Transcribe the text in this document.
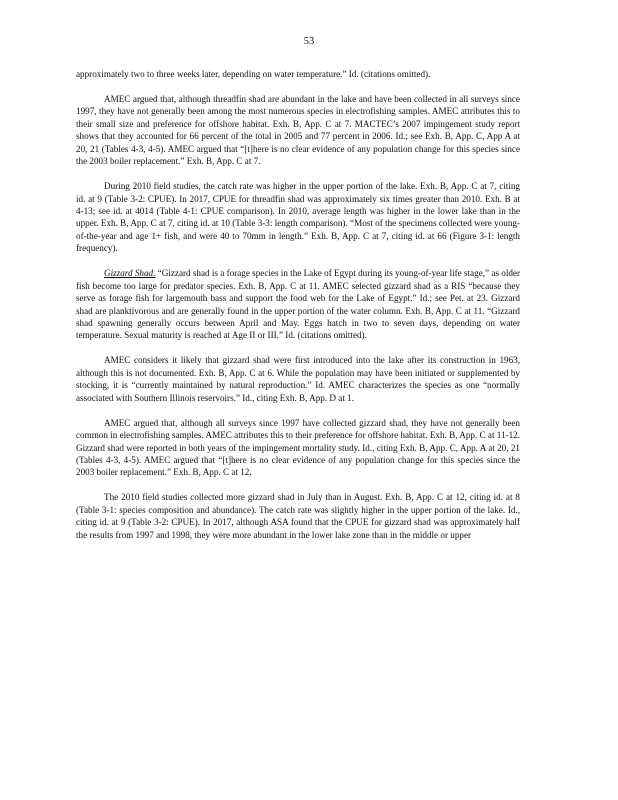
53

approximately two to three weeks later, depending on water temperature.” Id. (citations omitted).

AMEC argued that, although threadfin shad are abundant in the lake and have been collected in all surveys since 1997, they have not generally been among the most numerous species in electrofishing samples. AMEC attributes this to their small size and preference for offshore habitat. Exh. B, App. C at 7. MACTEC’s 2007 impingement study report shows that they accounted for 66 percent of the total in 2005 and 77 percent in 2006. Id.; see Exh. B, App. C, App A at 20, 21 (Tables 4-3, 4-5). AMEC argued that “[t]here is no clear evidence of any population change for this species since the 2003 boiler replacement.” Exh. B, App. C at 7.

During 2010 field studies, the catch rate was higher in the upper portion of the lake. Exh. B, App. C at 7, citing id. at 9 (Table 3-2: CPUE). In 2017, CPUE for threadfin shad was approximately six times greater than 2010. Exh. B at 4-13; see id. at 4014 (Table 4-1: CPUE comparison). In 2010, average length was higher in the lower lake than in the upper. Exh. B, App. C at 7, citing id. at 10 (Table 3-3: length comparison). “Most of the specimens collected were young-of-the-year and age 1+ fish, and were 40 to 70mm in length.” Exh. B, App. C at 7, citing id. at 66 (Figure 3-1: length frequency).

Gizzard Shad. “Gizzard shad is a forage species in the Lake of Egypt during its young-of-year life stage,” as older fish become too large for predator species. Exh. B, App. C at 11. AMEC selected gizzard shad as a RIS “because they serve as forage fish for largemouth bass and support the food web for the Lake of Egypt.” Id.; see Pet. at 23. Gizzard shad are planktivorous and are generally found in the upper portion of the water column. Exh. B, App. C at 11. “Gizzard shad spawning generally occurs between April and May. Eggs hatch in two to seven days, depending on water temperature. Sexual maturity is reached at Age II or III.” Id. (citations omitted).

AMEC considers it likely that gizzard shad were first introduced into the lake after its construction in 1963, although this is not documented. Exh. B, App. C at 6. While the population may have been initiated or supplemented by stocking, it is “currently maintained by natural reproduction.” Id. AMEC characterizes the species as one “normally associated with Southern Illinois reservoirs.” Id., citing Exh. B, App. D at 1.

AMEC argued that, although all surveys since 1997 have collected gizzard shad, they have not generally been common in electrofishing samples. AMEC attributes this to their preference for offshore habitat. Exh. B, App. C at 11-12. Gizzard shad were reported in both years of the impingement mortality study. Id., citing Exh. B, App. C, App. A at 20, 21 (Tables 4-3, 4-5). AMEC argued that “[t]here is no clear evidence of any population change for this species since the 2003 boiler replacement.” Exh. B, App. C at 12.

The 2010 field studies collected more gizzard shad in July than in August. Exh. B, App. C at 12, citing id. at 8 (Table 3-1: species composition and abundance). The catch rate was slightly higher in the upper portion of the lake. Id., citing id. at 9 (Table 3-2: CPUE). In 2017, although ASA found that the CPUE for gizzard shad was approximately half the results from 1997 and 1998, they were more abundant in the lower lake zone than in the middle or upper
